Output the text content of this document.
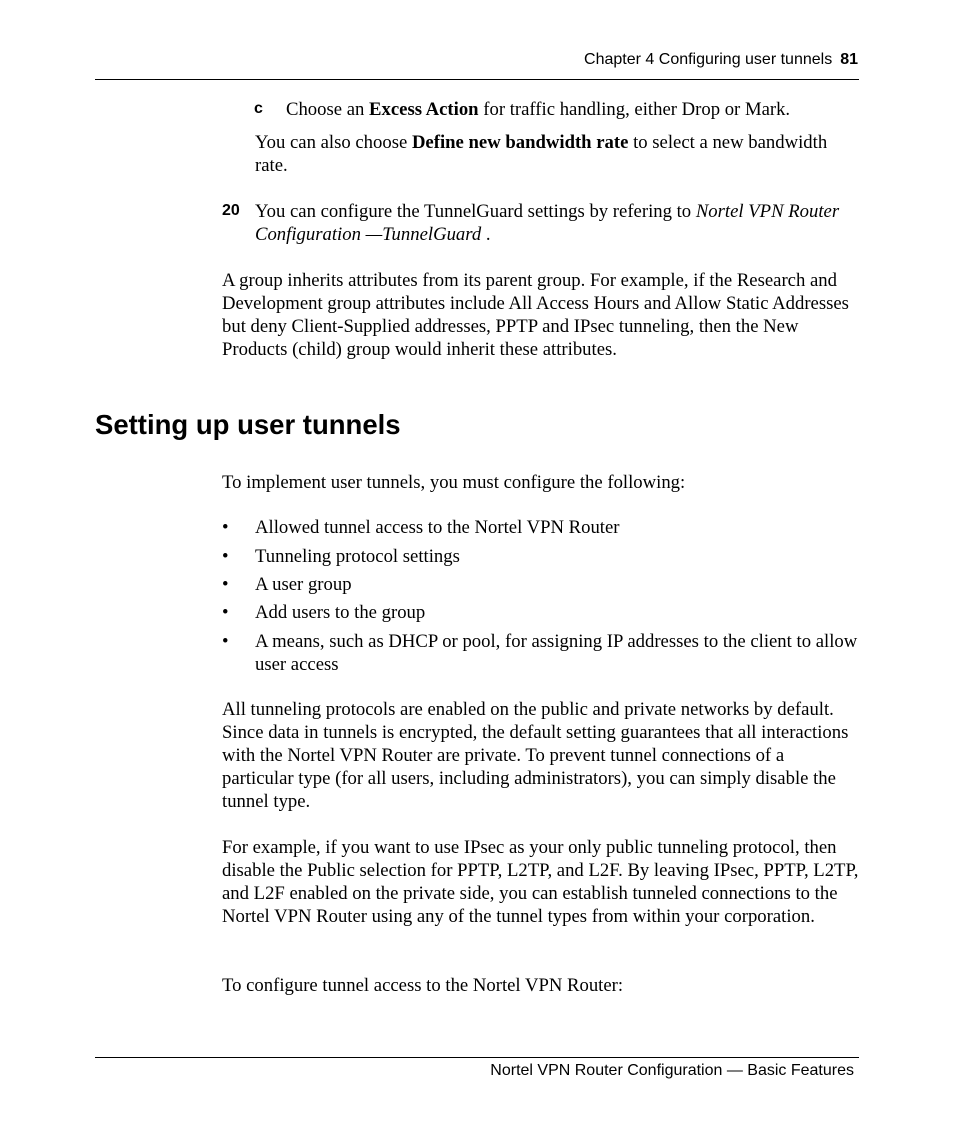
Chapter 4 Configuring user tunnels 81
c Choose an Excess Action for traffic handling, either Drop or Mark.
You can also choose Define new bandwidth rate to select a new bandwidth rate.
20 You can configure the TunnelGuard settings by refering to Nortel VPN Router Configuration —TunnelGuard .
A group inherits attributes from its parent group. For example, if the Research and Development group attributes include All Access Hours and Allow Static Addresses but deny Client-Supplied addresses, PPTP and IPsec tunneling, then the New Products (child) group would inherit these attributes.
Setting up user tunnels
To implement user tunnels, you must configure the following:
• Allowed tunnel access to the Nortel VPN Router
• Tunneling protocol settings
• A user group
• Add users to the group
• A means, such as DHCP or pool, for assigning IP addresses to the client to allow user access
All tunneling protocols are enabled on the public and private networks by default. Since data in tunnels is encrypted, the default setting guarantees that all interactions with the Nortel VPN Router are private. To prevent tunnel connections of a particular type (for all users, including administrators), you can simply disable the tunnel type.
For example, if you want to use IPsec as your only public tunneling protocol, then disable the Public selection for PPTP, L2TP, and L2F. By leaving IPsec, PPTP, L2TP, and L2F enabled on the private side, you can establish tunneled connections to the Nortel VPN Router using any of the tunnel types from within your corporation.
To configure tunnel access to the Nortel VPN Router:
Nortel VPN Router Configuration — Basic Features
